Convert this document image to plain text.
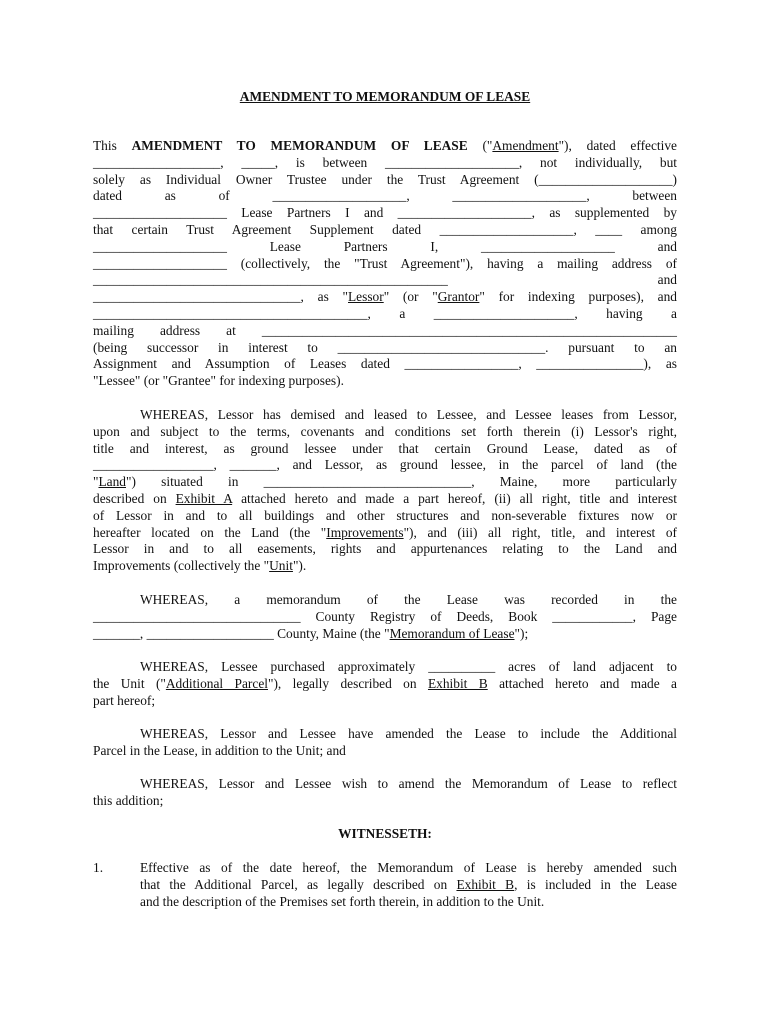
AMENDMENT TO MEMORANDUM OF LEASE
This AMENDMENT TO MEMORANDUM OF LEASE ("Amendment"), dated effective
___________________, _____, is between ____________________, not individually, but
solely as Individual Owner Trustee under the Trust Agreement (____________________)
dated as of ____________________, ____________________, between
____________________ Lease Partners I and ____________________, as supplemented by
that certain Trust Agreement Supplement dated ____________________, ____ among
____________________ Lease Partners I, ____________________ and
____________________ (collectively, the "Trust Agreement"), having a mailing address of
_____________________________________________________ and
_______________________________, as "Lessor" (or "Grantor" for indexing purposes), and
_________________________________________, a _____________________, having a
mailing address at ______________________________________________________________
(being successor in interest to _______________________________. pursuant to an
Assignment and Assumption of Leases dated _________________, ________________), as
"Lessee" (or "Grantee" for indexing purposes).
WHEREAS, Lessor has demised and leased to Lessee, and Lessee leases from Lessor,
upon and subject to the terms, covenants and conditions set forth therein (i) Lessor's right,
title and interest, as ground lessee under that certain Ground Lease, dated as of
__________________, _______, and Lessor, as ground lessee, in the parcel of land (the
"Land") situated in _______________________________, Maine, more particularly
described on Exhibit A attached hereto and made a part hereof, (ii) all right, title and interest
of Lessor in and to all buildings and other structures and non-severable fixtures now or
hereafter located on the Land (the "Improvements"), and (iii) all right, title, and interest of
Lessor in and to all easements, rights and appurtenances relating to the Land and
Improvements (collectively the "Unit").
WHEREAS, a memorandum of the Lease was recorded in the
_______________________________ County Registry of Deeds, Book ____________, Page
_______, ___________________ County, Maine (the "Memorandum of Lease");
WHEREAS, Lessee purchased approximately __________ acres of land adjacent to
the Unit ("Additional Parcel"), legally described on Exhibit B attached hereto and made a
part hereof;
WHEREAS, Lessor and Lessee have amended the Lease to include the Additional
Parcel in the Lease, in addition to the Unit; and
WHEREAS, Lessor and Lessee wish to amend the Memorandum of Lease to reflect
this addition;
WITNESSETH:
1.	Effective as of the date hereof, the Memorandum of Lease is hereby amended such
that the Additional Parcel, as legally described on Exhibit B, is included in the Lease
and the description of the Premises set forth therein, in addition to the Unit.
